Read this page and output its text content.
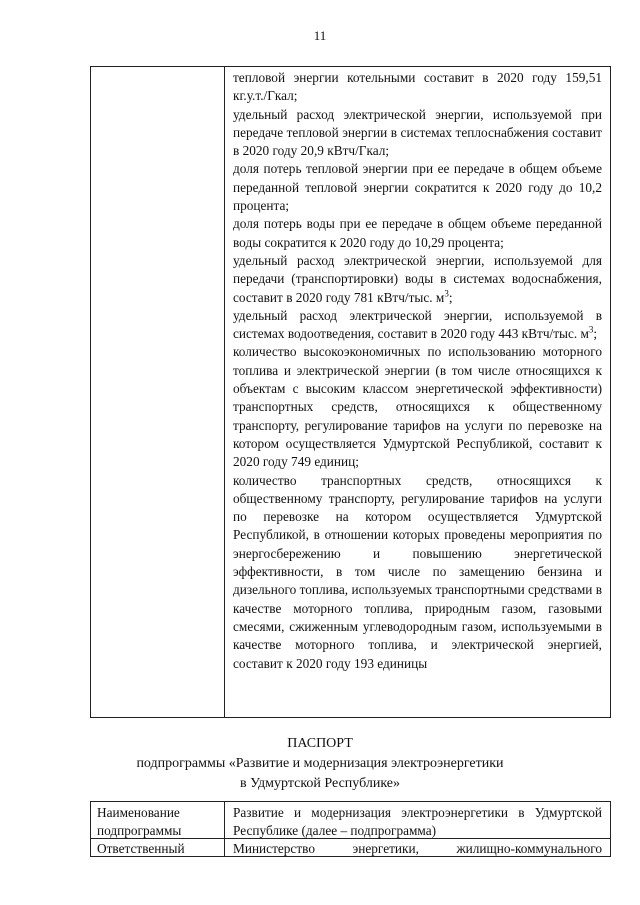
11

тепловой энергии котельными составит в 2020 году 159,51 кг.у.т./Гкал;

удельный расход электрической энергии, используемой при передаче тепловой энергии в системах теплоснабжения составит в 2020 году 20,9 кВтч/Гкал;

доля потерь тепловой энергии при ее передаче в общем объеме переданной тепловой энергии сократится к 2020 году до 10,2 процента;

доля потерь воды при ее передаче в общем объеме переданной воды сократится к 2020 году до 10,29 процента;

удельный расход электрической энергии, используемой для передачи (транспортировки) воды в системах водоснабжения, составит в 2020 году 781 кВтч/тыс. $м^3$;

удельный расход электрической энергии, используемой в системах водоотведения, составит в 2020 году 443 кВтч/тыс. $м^3$;

количество высокоэкономичных по использованию моторного топлива и электрической энергии (в том числе относящихся к объектам с высоким классом энергетической эффективности) транспортных средств, относящихся к общественному транспорту, регулирование тарифов на услуги по перевозке на котором осуществляется Удмуртской Республикой, составит к 2020 году 749 единиц;

количество транспортных средств, относящихся к общественному транспорту, регулирование тарифов на услуги по перевозке на котором осуществляется Удмуртской Республикой, в отношении которых проведены мероприятия по энергосбережению и повышению энергетической эффективности, в том числе по замещению бензина и дизельного топлива, используемых транспортными средствами в качестве моторного топлива, природным газом, газовыми смесями, сжиженным углеводородным газом, используемыми в качестве моторного топлива, и электрической энергией, составит к 2020 году 193 единицы

ПАСПОРТ
подпрограммы «Развитие и модернизация электроэнергетики
в Удмуртской Республике»
Наименование подпрограммы
Развитие и модернизация электроэнергетики в Удмуртской Республике (далее – подпрограмма)
Ответственный	Министерство энергетики, жилищно-коммунального
